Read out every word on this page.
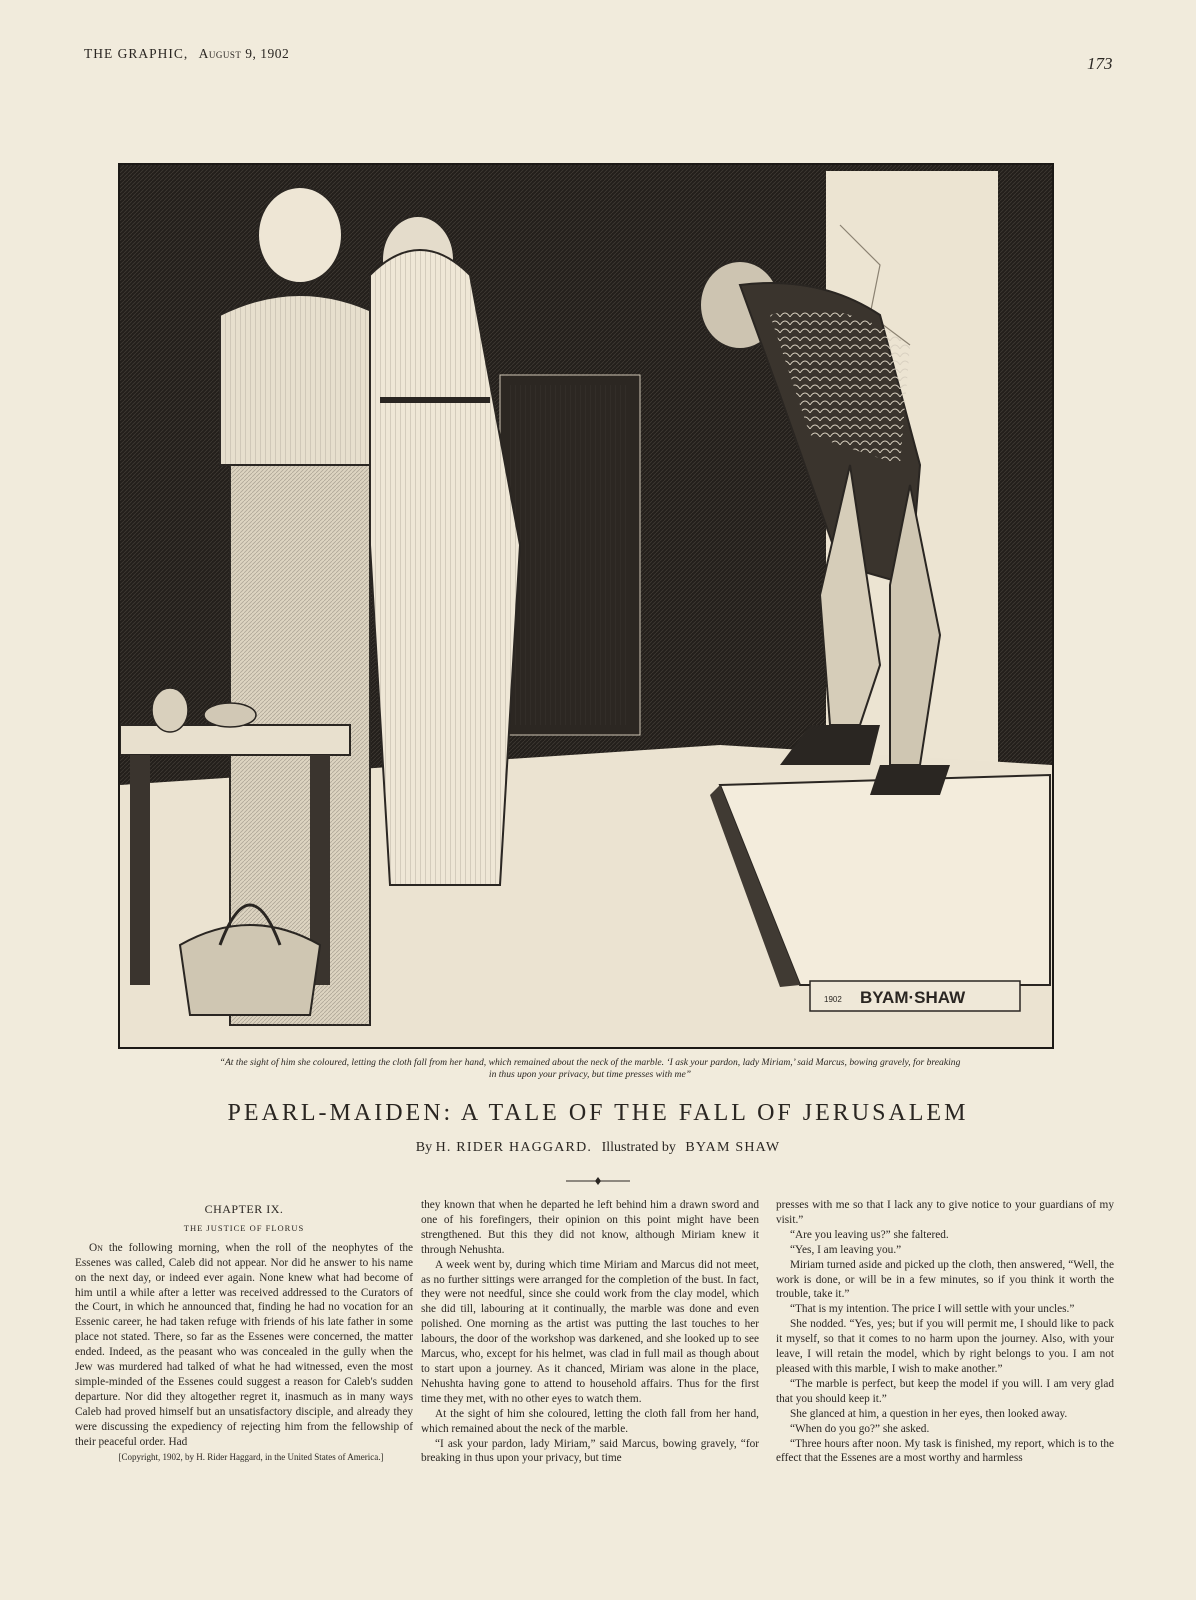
THE GRAPHIC, August 9, 1902
173
1902 BYAM·SHAW
“At the sight of him she coloured, letting the cloth fall from her hand, which remained about the neck of the marble. ‘I ask your pardon, lady Miriam,’ said Marcus, bowing gravely, for breaking
in thus upon your privacy, but time presses with me”
PEARL-MAIDEN: A TALE OF THE FALL OF JERUSALEM
By H. RIDER HAGGARD. Illustrated by BYAM SHAW
CHAPTER IX.
THE JUSTICE OF FLORUS

On the following morning, when the roll of the neophytes of the Essenes was called, Caleb did not appear. Nor did he answer to his name on the next day, or indeed ever again. None knew what had become of him until a while after a letter was received addressed to the Curators of the Court, in which he announced that, finding he had no vocation for an Essenic career, he had taken refuge with friends of his late father in some place not stated. There, so far as the Essenes were concerned, the matter ended. Indeed, as the peasant who was concealed in the gully when the Jew was murdered had talked of what he had witnessed, even the most simple-minded of the Essenes could suggest a reason for Caleb's sudden departure. Nor did they altogether regret it, inasmuch as in many ways Caleb had proved himself but an unsatisfactory disciple, and already they were discussing the expediency of rejecting him from the fellowship of their peaceful order. Had

[Copyright, 1902, by H. Rider Haggard, in the United States of America.]

they known that when he departed he left behind him a drawn sword and one of his forefingers, their opinion on this point might have been strengthened. But this they did not know, although Miriam knew it through Nehushta.

A week went by, during which time Miriam and Marcus did not meet, as no further sittings were arranged for the completion of the bust. In fact, they were not needful, since she could work from the clay model, which she did till, labouring at it continually, the marble was done and even polished. One morning as the artist was putting the last touches to her labours, the door of the workshop was darkened, and she looked up to see Marcus, who, except for his helmet, was clad in full mail as though about to start upon a journey. As it chanced, Miriam was alone in the place, Nehushta having gone to attend to household affairs. Thus for the first time they met, with no other eyes to watch them.

At the sight of him she coloured, letting the cloth fall from her hand, which remained about the neck of the marble.

“I ask your pardon, lady Miriam,” said Marcus, bowing gravely, “for breaking in thus upon your privacy, but time

presses with me so that I lack any to give notice to your guardians of my visit.”

“Are you leaving us?” she faltered.

“Yes, I am leaving you.”

Miriam turned aside and picked up the cloth, then answered, “Well, the work is done, or will be in a few minutes, so if you think it worth the trouble, take it.”

“That is my intention. The price I will settle with your uncles.”

She nodded. “Yes, yes; but if you will permit me, I should like to pack it myself, so that it comes to no harm upon the journey. Also, with your leave, I will retain the model, which by right belongs to you. I am not pleased with this marble, I wish to make another.”

“The marble is perfect, but keep the model if you will. I am very glad that you should keep it.”

She glanced at him, a question in her eyes, then looked away.

“When do you go?” she asked.

“Three hours after noon. My task is finished, my report, which is to the effect that the Essenes are a most worthy and harmless
